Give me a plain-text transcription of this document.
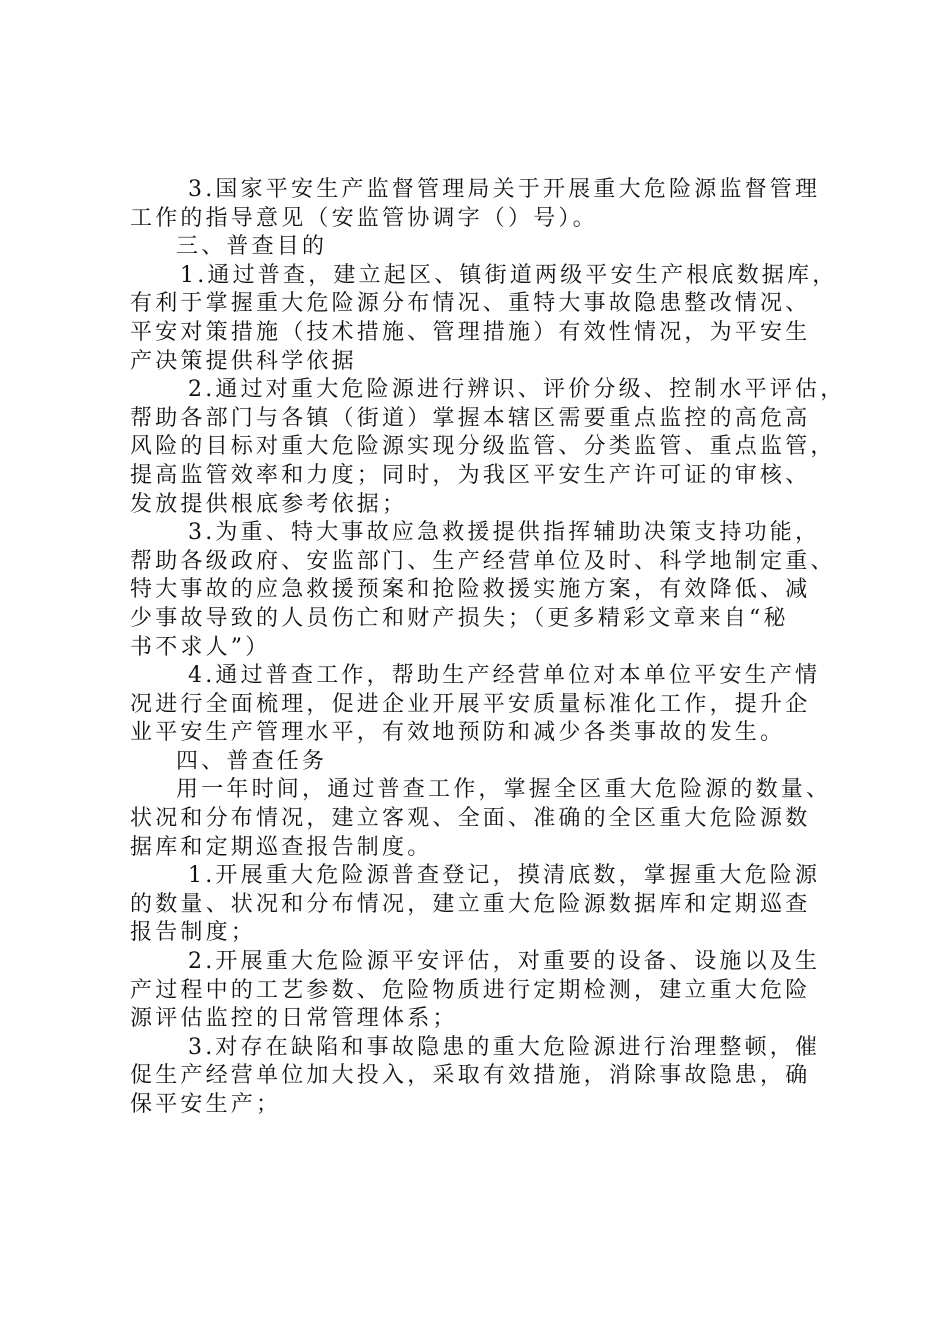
3.国家平安生产监督管理局关于开展重大危险源监督管理
工作的指导意见（安监管协调字（）号）。
三、普查目的
1.通过普查，建立起区、镇街道两级平安生产根底数据库，
有利于掌握重大危险源分布情况、重特大事故隐患整改情况、
平安对策措施（技术措施、管理措施）有效性情况，为平安生
产决策提供科学依据
2.通过对重大危险源进行辨识、评价分级、控制水平评估，
帮助各部门与各镇（街道）掌握本辖区需要重点监控的高危高
风险的目标对重大危险源实现分级监管、分类监管、重点监管，
提高监管效率和力度；同时，为我区平安生产许可证的审核、
发放提供根底参考依据；
3.为重、特大事故应急救援提供指挥辅助决策支持功能，
帮助各级政府、安监部门、生产经营单位及时、科学地制定重、
特大事故的应急救援预案和抢险救援实施方案，有效降低、减
少事故导致的人员伤亡和财产损失；（更多精彩文章来自“秘
书不求人”）
4.通过普查工作，帮助生产经营单位对本单位平安生产情
况进行全面梳理，促进企业开展平安质量标准化工作，提升企
业平安生产管理水平，有效地预防和减少各类事故的发生。
四、普查任务
用一年时间，通过普查工作，掌握全区重大危险源的数量、
状况和分布情况，建立客观、全面、准确的全区重大危险源数
据库和定期巡查报告制度。
1.开展重大危险源普查登记，摸清底数，掌握重大危险源
的数量、状况和分布情况，建立重大危险源数据库和定期巡查
报告制度；
2.开展重大危险源平安评估，对重要的设备、设施以及生
产过程中的工艺参数、危险物质进行定期检测，建立重大危险
源评估监控的日常管理体系；
3.对存在缺陷和事故隐患的重大危险源进行治理整顿，催
促生产经营单位加大投入，采取有效措施，消除事故隐患，确
保平安生产；
